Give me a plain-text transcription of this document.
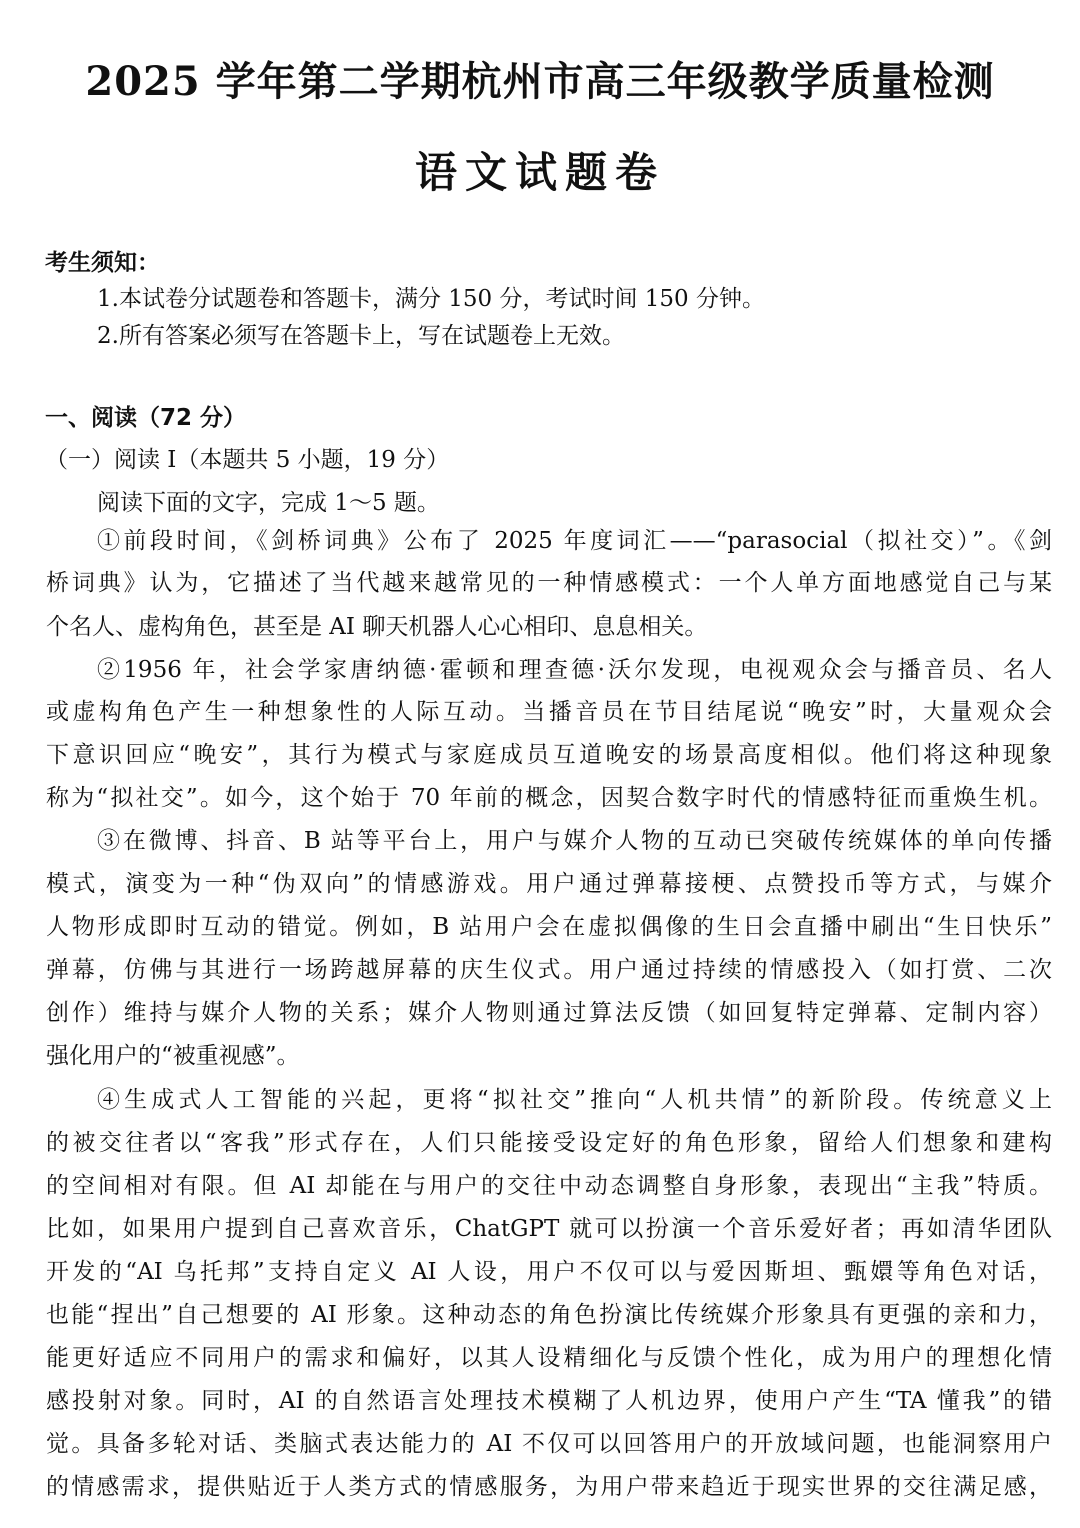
2025 学年第二学期杭州市高三年级教学质量检测
语文试题卷
考生须知：
1.本试卷分试题卷和答题卡，满分 150 分，考试时间 150 分钟。
2.所有答案必须写在答题卡上，写在试题卷上无效。
一、阅读（72 分）
（一）阅读 I（本题共 5 小题，19 分）
阅读下面的文字，完成 1～5 题。
①前段时间，《剑桥词典》公布了 2025 年度词汇——“parasocial（拟社交）”。《剑
桥词典》认为，它描述了当代越来越常见的一种情感模式：一个人单方面地感觉自己与某
个名人、虚构角色，甚至是 AI 聊天机器人心心相印、息息相关。
②1956 年，社会学家唐纳德·霍顿和理查德·沃尔发现，电视观众会与播音员、名人
或虚构角色产生一种想象性的人际互动。当播音员在节目结尾说“晚安”时，大量观众会
下意识回应“晚安”，其行为模式与家庭成员互道晚安的场景高度相似。他们将这种现象
称为“拟社交”。如今，这个始于 70 年前的概念，因契合数字时代的情感特征而重焕生机。
③在微博、抖音、B 站等平台上，用户与媒介人物的互动已突破传统媒体的单向传播
模式，演变为一种“伪双向”的情感游戏。用户通过弹幕接梗、点赞投币等方式，与媒介
人物形成即时互动的错觉。例如，B 站用户会在虚拟偶像的生日会直播中刷出“生日快乐”
弹幕，仿佛与其进行一场跨越屏幕的庆生仪式。用户通过持续的情感投入（如打赏、二次
创作）维持与媒介人物的关系；媒介人物则通过算法反馈（如回复特定弹幕、定制内容）
强化用户的“被重视感”。
④生成式人工智能的兴起，更将“拟社交”推向“人机共情”的新阶段。传统意义上
的被交往者以“客我”形式存在，人们只能接受设定好的角色形象，留给人们想象和建构
的空间相对有限。但 AI 却能在与用户的交往中动态调整自身形象，表现出“主我”特质。
比如，如果用户提到自己喜欢音乐，ChatGPT 就可以扮演一个音乐爱好者；再如清华团队
开发的“AI 乌托邦”支持自定义 AI 人设，用户不仅可以与爱因斯坦、甄嬛等角色对话，
也能“捏出”自己想要的 AI 形象。这种动态的角色扮演比传统媒介形象具有更强的亲和力，
能更好适应不同用户的需求和偏好，以其人设精细化与反馈个性化，成为用户的理想化情
感投射对象。同时，AI 的自然语言处理技术模糊了人机边界，使用户产生“TA 懂我”的错
觉。具备多轮对话、类脑式表达能力的 AI 不仅可以回答用户的开放域问题，也能洞察用户
的情感需求，提供贴近于人类方式的情感服务，为用户带来趋近于现实世界的交往满足感，
